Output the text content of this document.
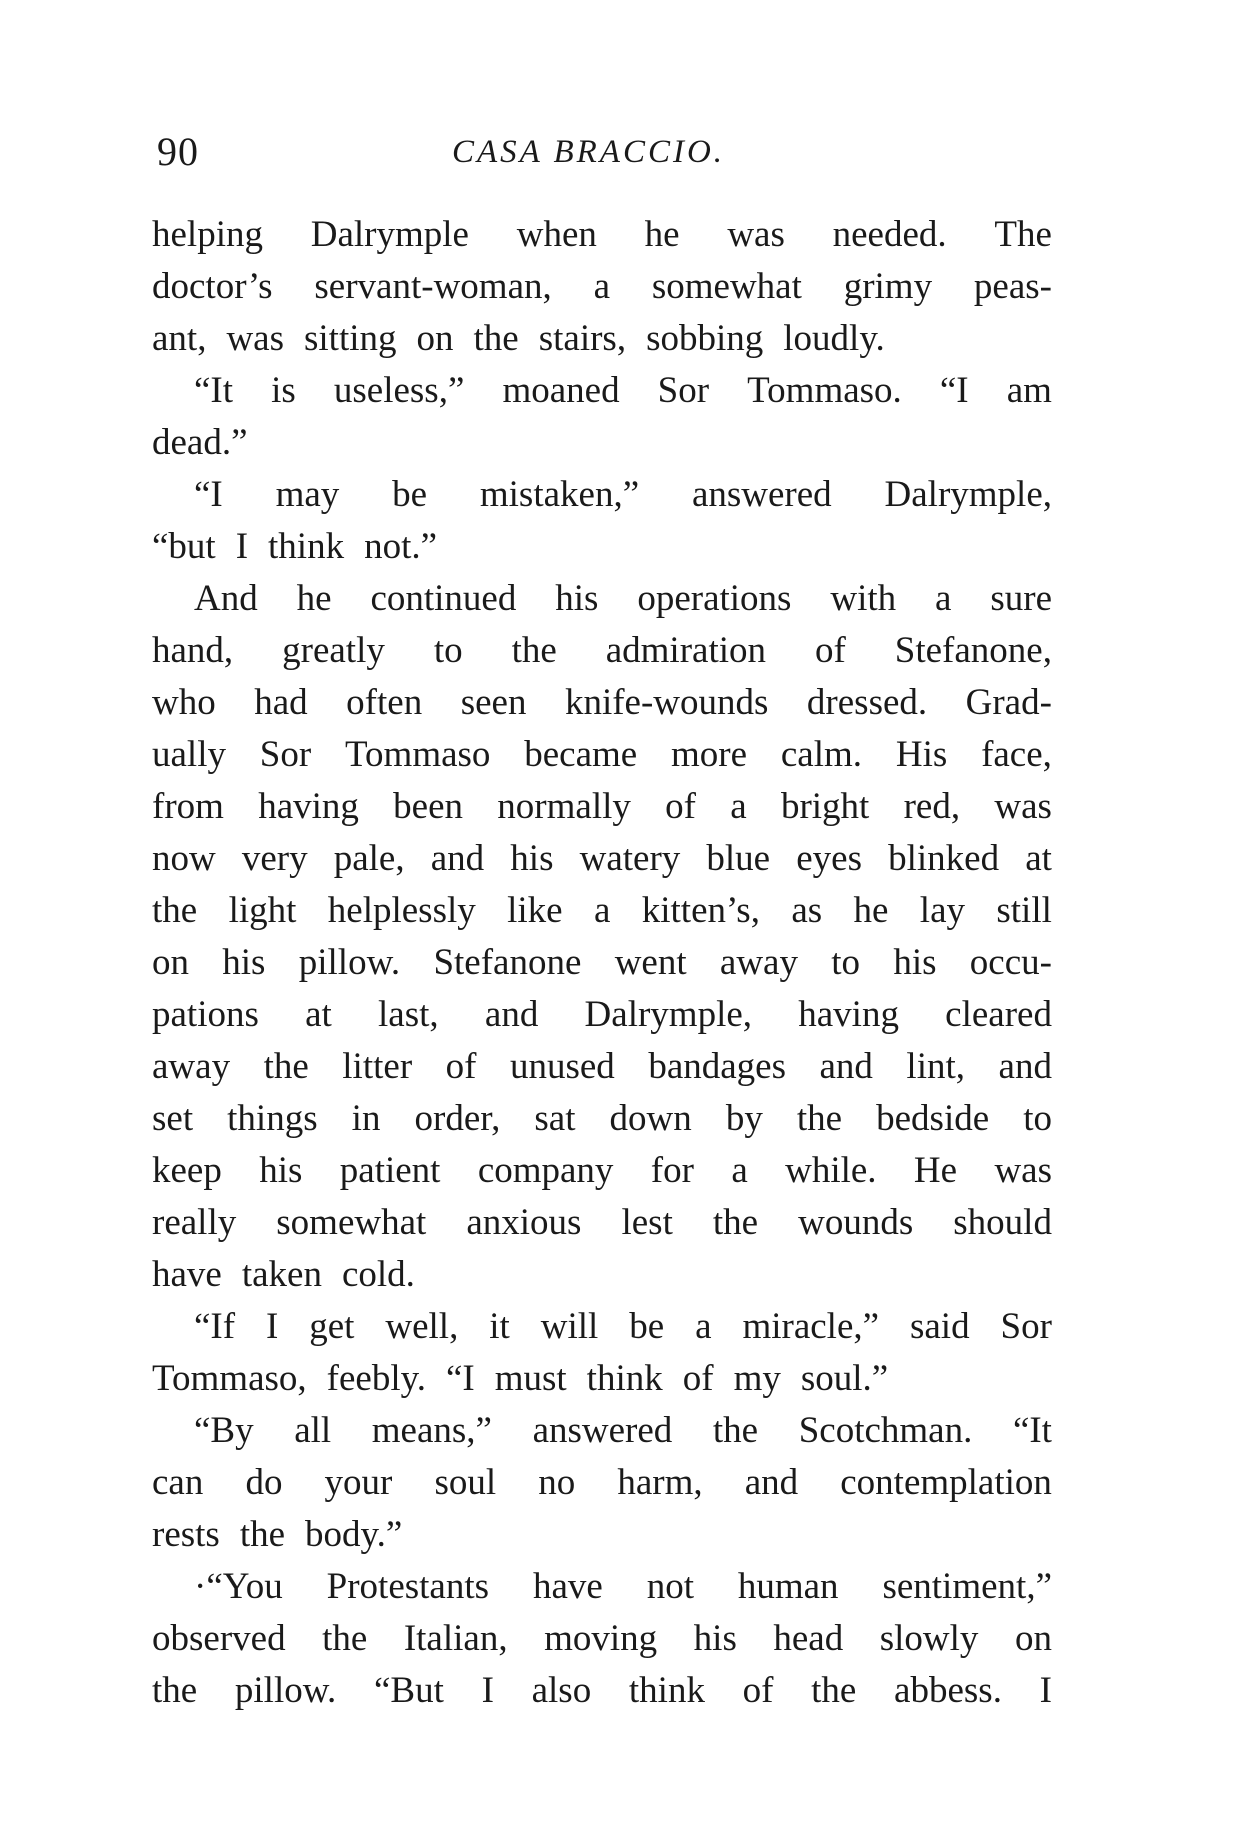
90	CASA BRACCIO.
helping Dalrymple when he was needed. The
doctor’s servant-woman, a somewhat grimy peas-
ant, was sitting on the stairs, sobbing loudly.
“It is useless,” moaned Sor Tommaso. “I am
dead.”
“I may be mistaken,” answered Dalrymple,
“but I think not.”
And he continued his operations with a sure
hand, greatly to the admiration of Stefanone,
who had often seen knife-wounds dressed. Grad-
ually Sor Tommaso became more calm. His face,
from having been normally of a bright red, was
now very pale, and his watery blue eyes blinked at
the light helplessly like a kitten’s, as he lay still
on his pillow. Stefanone went away to his occu-
pations at last, and Dalrymple, having cleared
away the litter of unused bandages and lint, and
set things in order, sat down by the bedside to
keep his patient company for a while. He was
really somewhat anxious lest the wounds should
have taken cold.
“If I get well, it will be a miracle,” said Sor
Tommaso, feebly. “I must think of my soul.”
“By all means,” answered the Scotchman. “It
can do your soul no harm, and contemplation
rests the body.”
·“You Protestants have not human sentiment,”
observed the Italian, moving his head slowly on
the pillow. “But I also think of the abbess. I
